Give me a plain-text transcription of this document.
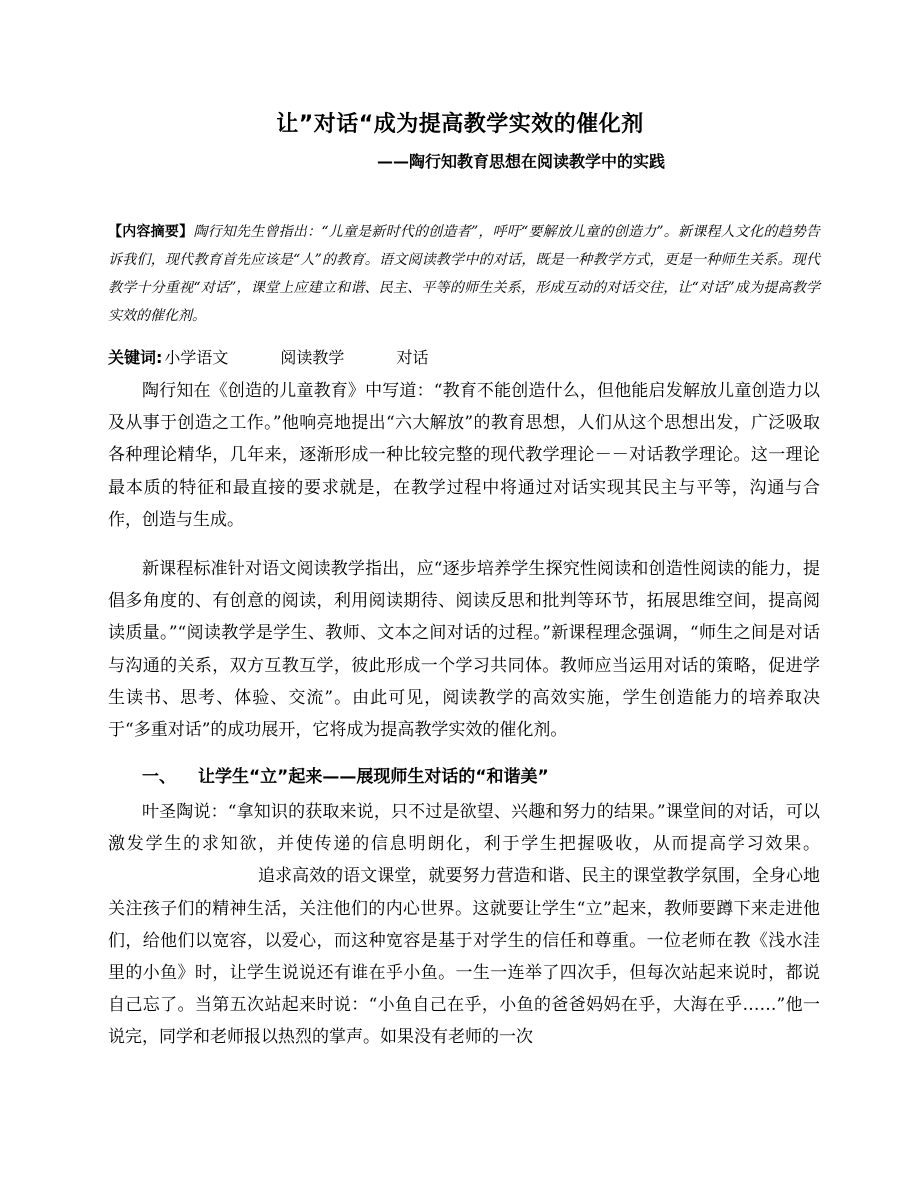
让”对话“成为提高教学实效的催化剂
——陶行知教育思想在阅读教学中的实践
【内容摘要】陶行知先生曾指出：“儿童是新时代的创造者”，呼吁“要解放儿童的创造力”。新课程人文化的趋势告诉我们，现代教育首先应该是“人”的教育。语文阅读教学中的对话，既是一种教学方式，更是一种师生关系。现代教学十分重视“对话”，课堂上应建立和谐、民主、平等的师生关系，形成互动的对话交往，让“对话”成为提高教学实效的催化剂。
关键词: 小学语文	阅读教学	对话

陶行知在《创造的儿童教育》中写道：“教育不能创造什么，但他能启发解放儿童创造力以及从事于创造之工作。”他响亮地提出“六大解放”的教育思想，人们从这个思想出发，广泛吸取各种理论精华，几年来，逐渐形成一种比较完整的现代教学理论－－对话教学理论。这一理论最本质的特征和最直接的要求就是，在教学过程中将通过对话实现其民主与平等，沟通与合作，创造与生成。

新课程标准针对语文阅读教学指出，应“逐步培养学生探究性阅读和创造性阅读的能力，提倡多角度的、有创意的阅读，利用阅读期待、阅读反思和批判等环节，拓展思维空间，提高阅读质量。”“阅读教学是学生、教师、文本之间对话的过程。”新课程理念强调，“师生之间是对话与沟通的关系，双方互教互学，彼此形成一个学习共同体。教师应当运用对话的策略，促进学生读书、思考、体验、交流”。由此可见，阅读教学的高效实施，学生创造能力的培养取决于“多重对话”的成功展开，它将成为提高教学实效的催化剂。

一、 让学生“立”起来——展现师生对话的“和谐美”

叶圣陶说：“拿知识的获取来说，只不过是欲望、兴趣和努力的结果。”课堂间的对话，可以激发学生的求知欲，并使传递的信息明朗化，利于学生把握吸收，从而提高学习效果。追求高效的语文课堂，就要努力营造和谐、民主的课堂教学氛围，全身心地关注孩子们的精神生活，关注他们的内心世界。这就要让学生“立”起来，教师要蹲下来走进他们，给他们以宽容，以爱心，而这种宽容是基于对学生的信任和尊重。一位老师在教《浅水洼里的小鱼》时，让学生说说还有谁在乎小鱼。一生一连举了四次手，但每次站起来说时，都说自己忘了。当第五次站起来时说：“小鱼自己在乎，小鱼的爸爸妈妈在乎，大海在乎……”他一说完，同学和老师报以热烈的掌声。如果没有老师的一次
